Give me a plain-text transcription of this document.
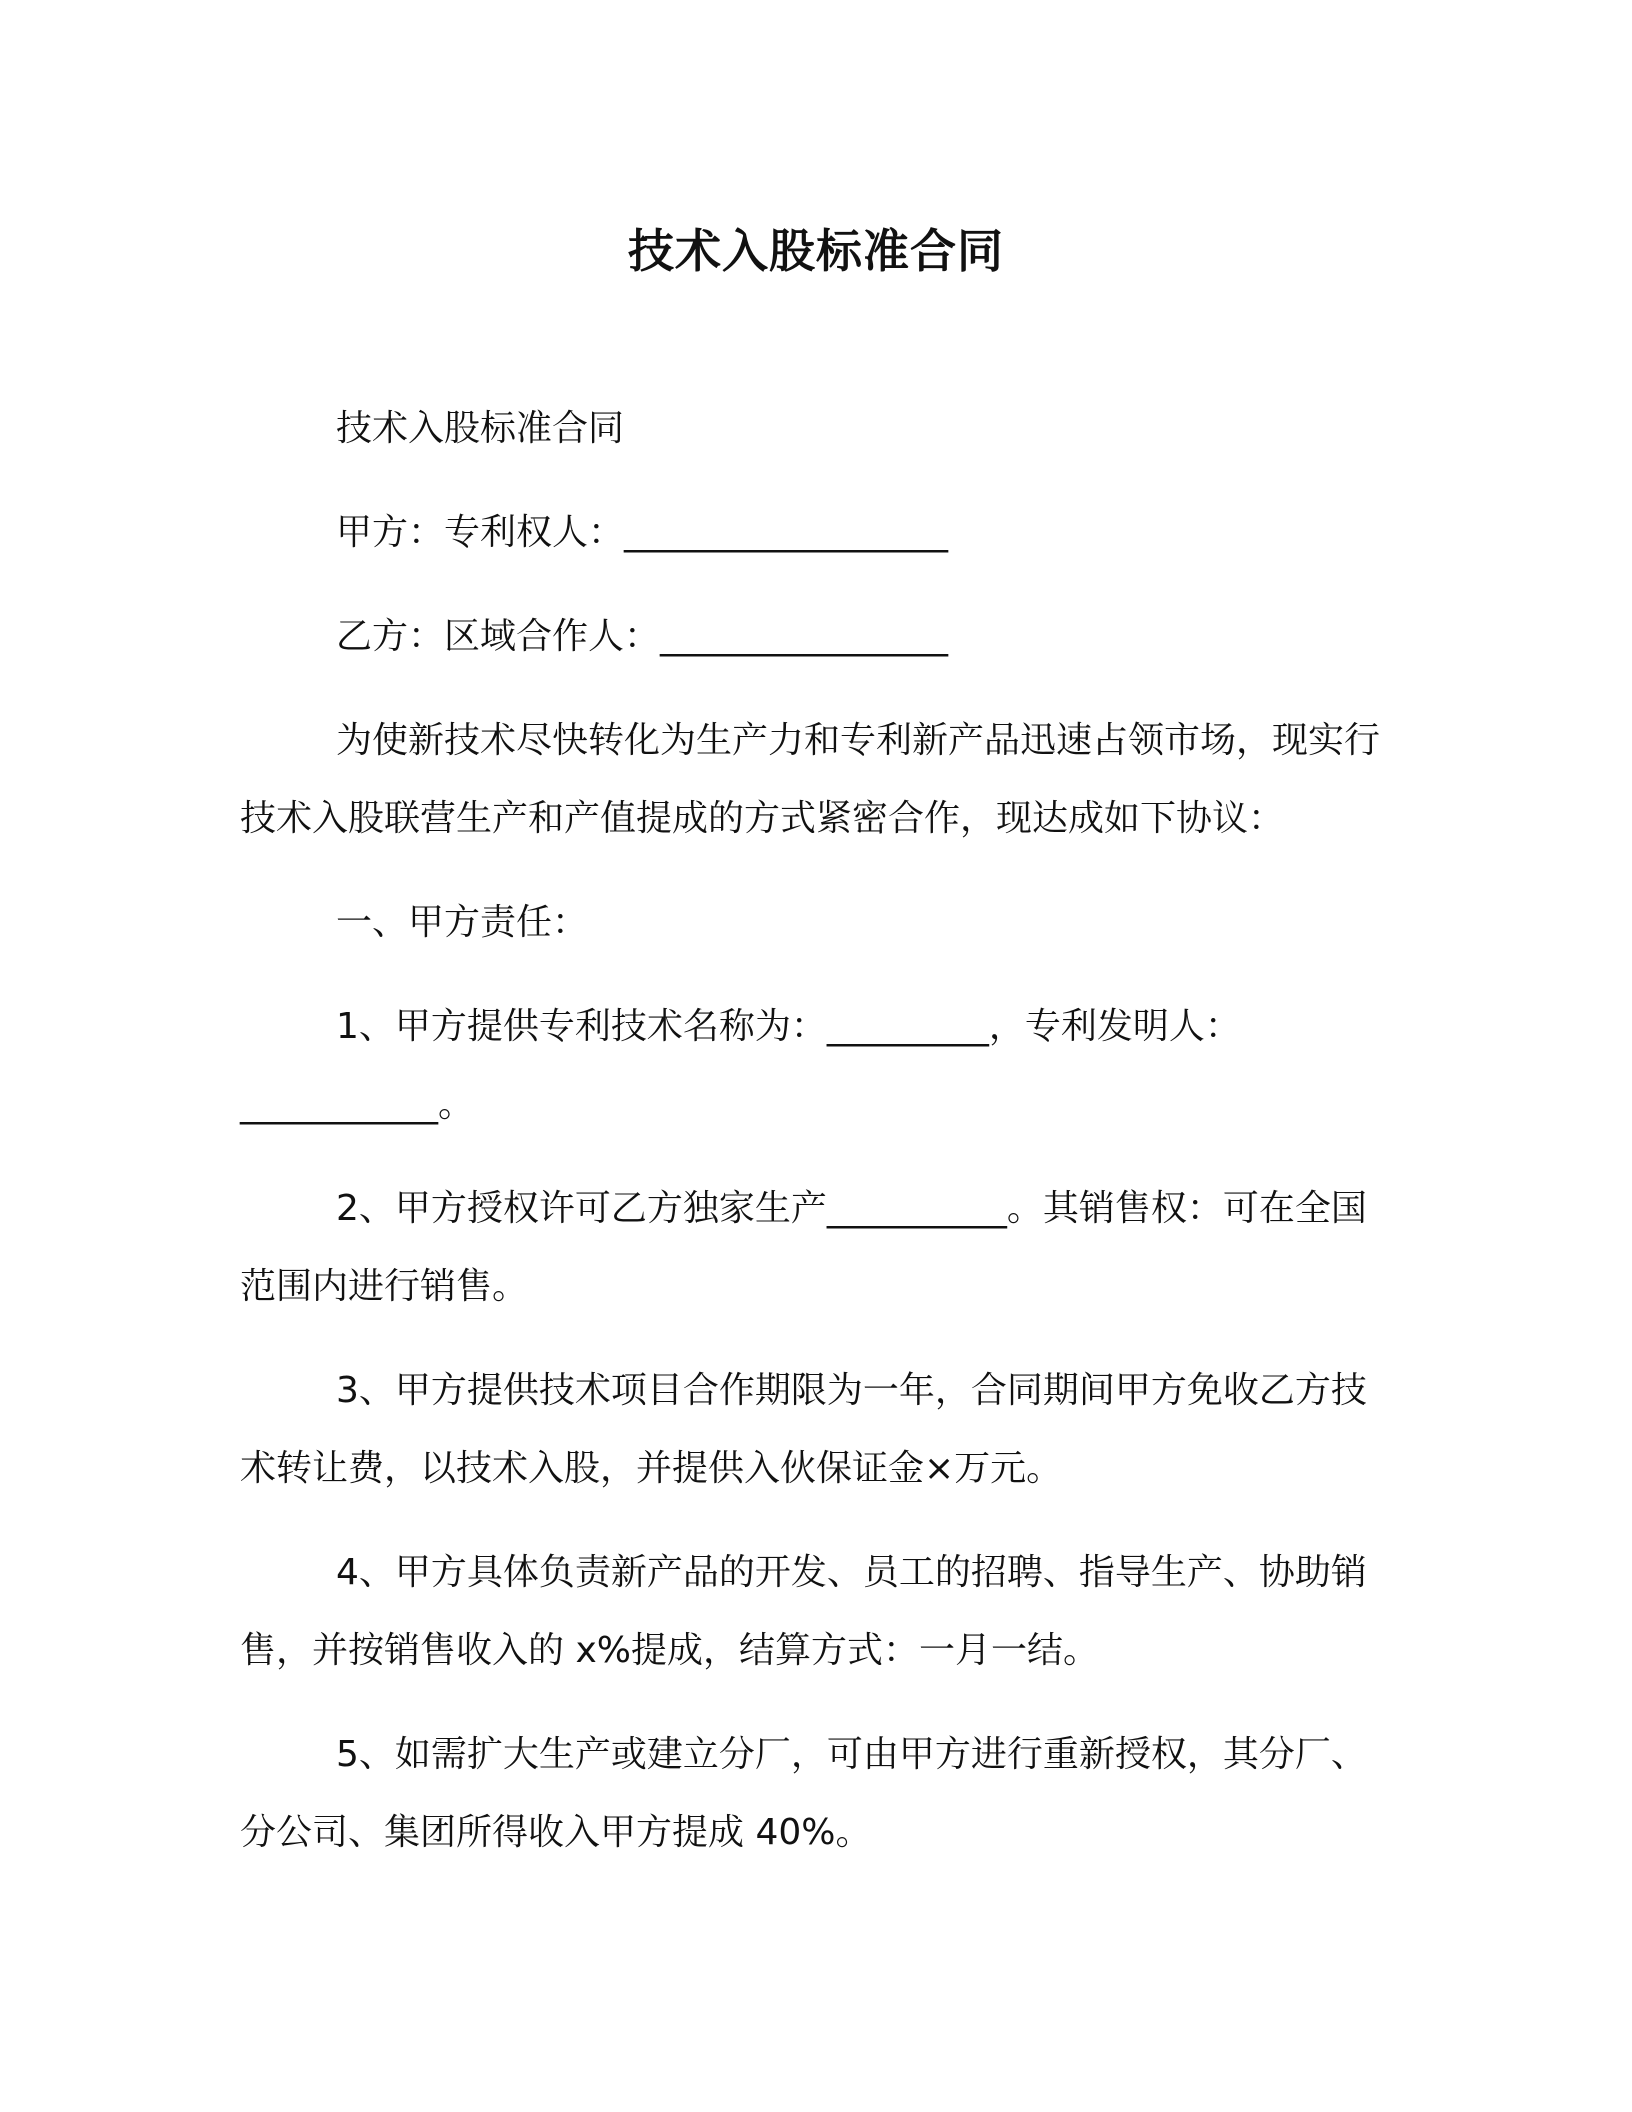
技术入股标准合同

技术入股标准合同

甲方：专利权人：__________________

乙方：区域合作人：________________

为使新技术尽快转化为生产力和专利新产品迅速占领市场，现实行技术入股联营生产和产值提成的方式紧密合作，现达成如下协议：

一、甲方责任：

1、甲方提供专利技术名称为：_________，专利发明人：___________。

2、甲方授权许可乙方独家生产__________。其销售权：可在全国范围内进行销售。

3、甲方提供技术项目合作期限为一年，合同期间甲方免收乙方技术转让费，以技术入股，并提供入伙保证金×万元。

4、甲方具体负责新产品的开发、员工的招聘、指导生产、协助销售，并按销售收入的 x%提成，结算方式：一月一结。

5、如需扩大生产或建立分厂，可由甲方进行重新授权，其分厂、分公司、集团所得收入甲方提成 40%。
